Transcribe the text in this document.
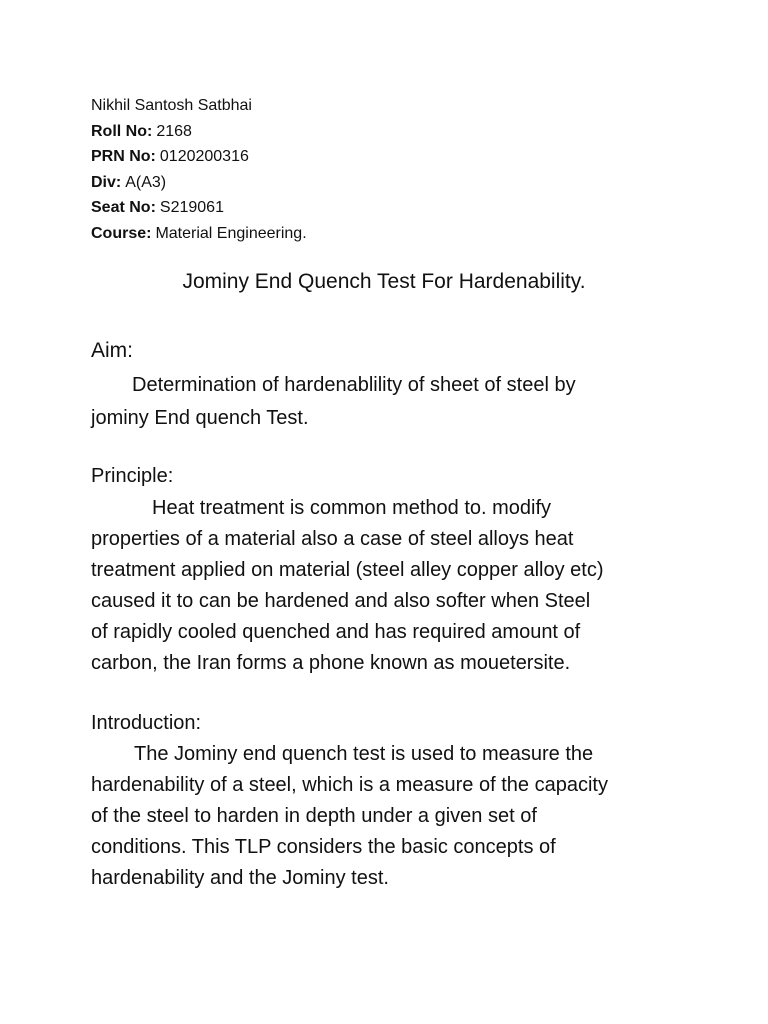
Nikhil Santosh Satbhai
Roll No: 2168
PRN No: 0120200316
Div: A(A3)
Seat No: S219061
Course: Material Engineering.
Jominy End Quench Test For Hardenability.
Aim:
Determination of hardenablility of sheet of steel by
jominy End quench Test.
Principle:
Heat treatment is common method to. modify
properties of a material also a case of steel alloys heat
treatment applied on material (steel alley copper alloy etc)
caused it to can be hardened and also softer when Steel
of rapidly cooled quenched and has required amount of
carbon, the Iran forms a phone known as mouetersite.
Introduction:
The Jominy end quench test is used to measure the
hardenability of a steel, which is a measure of the capacity
of the steel to harden in depth under a given set of
conditions. This TLP considers the basic concepts of
hardenability and the Jominy test.
